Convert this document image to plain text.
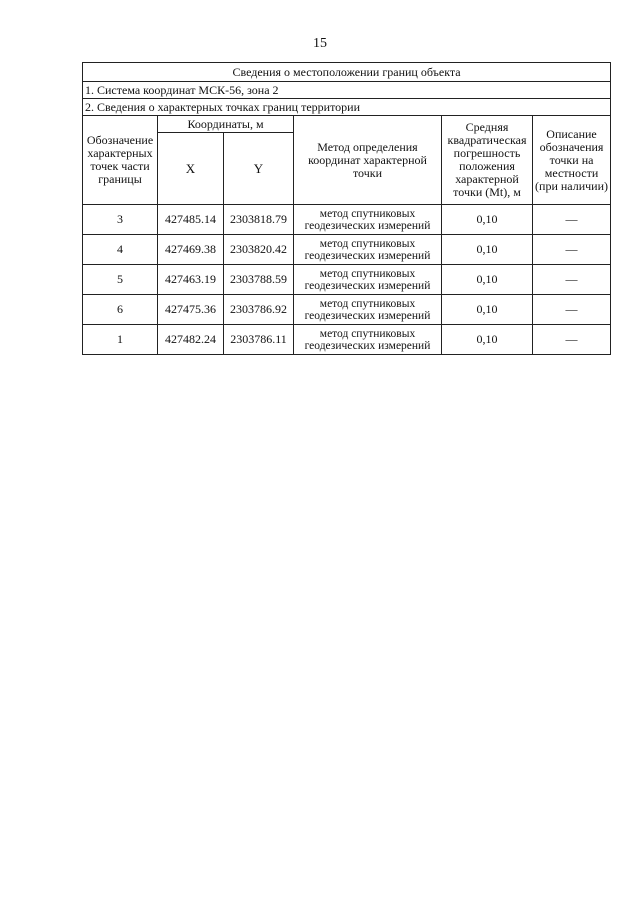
15
Сведения о местоположении границ объекта					
1. Система координат МСК-56, зона 2					
2. Сведения о характерных точках границ территории					
Обозначение характерных точек части границы	Координаты, м		Метод определения координат характерной точки	Средняя квадратическая погрешность положения характерной точки (Mt), м	Описание обозначения точки на местности (при наличии)
	X	Y			
3	427485.14	2303818.79	метод спутниковых геодезических измерений	0,10	—
4	427469.38	2303820.42	метод спутниковых геодезических измерений	0,10	—
5	427463.19	2303788.59	метод спутниковых геодезических измерений	0,10	—
6	427475.36	2303786.92	метод спутниковых геодезических измерений	0,10	—
1	427482.24	2303786.11	метод спутниковых геодезических измерений	0,10	—
